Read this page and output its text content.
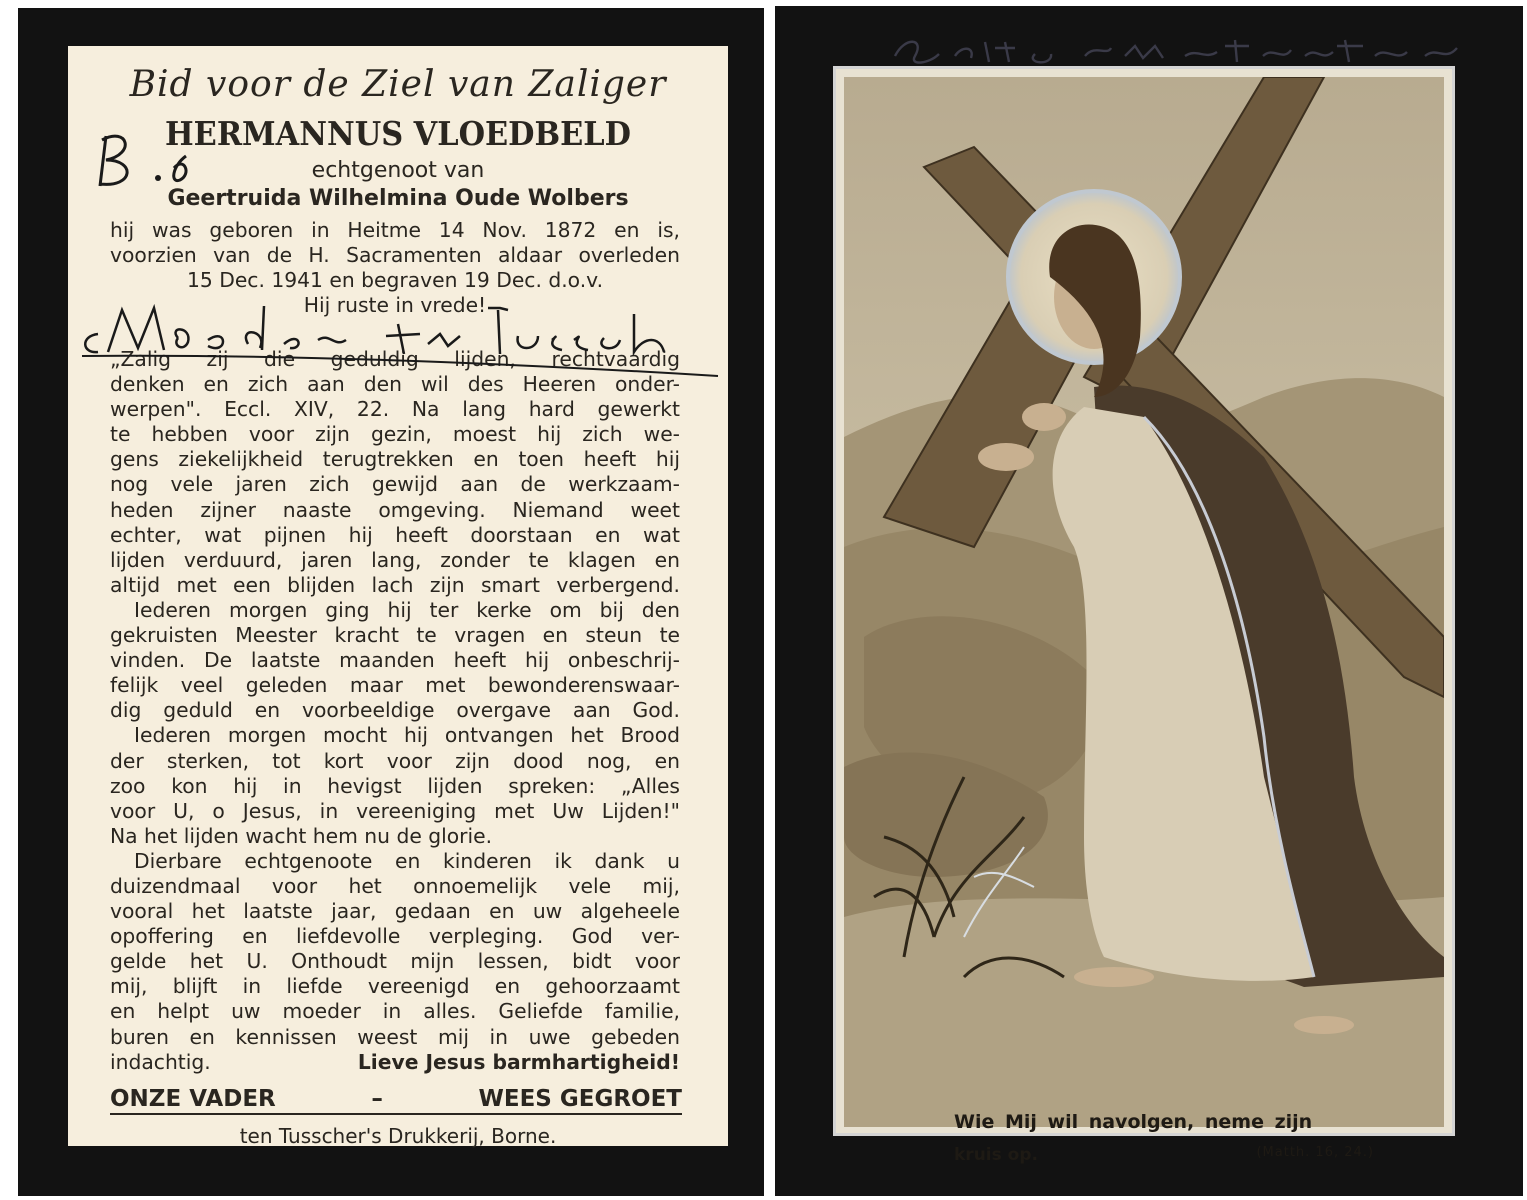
Bid voor de Ziel van Zaliger
HERMANNUS VLOEDBELD
echtgenoot van
Geertruida Wilhelmina Oude Wolbers
hij was geboren in Heitme 14 Nov. 1872 en is,
voorzien van de H. Sacramenten aldaar overleden
15 Dec. 1941 en begraven 19 Dec. d.o.v.
Hij ruste in vrede!
„Zalig zij die geduldig lijden, rechtvaardig
denken en zich aan den wil des Heeren onder-
werpen". Eccl. XIV, 22. Na lang hard gewerkt
te hebben voor zijn gezin, moest hij zich we-
gens ziekelijkheid terugtrekken en toen heeft hij
nog vele jaren zich gewijd aan de werkzaam-
heden zijner naaste omgeving. Niemand weet
echter, wat pijnen hij heeft doorstaan en wat
lijden verduurd, jaren lang, zonder te klagen en
altijd met een blijden lach zijn smart verbergend.
Iederen morgen ging hij ter kerke om bij den
gekruisten Meester kracht te vragen en steun te
vinden. De laatste maanden heeft hij onbeschrij-
felijk veel geleden maar met bewonderenswaar-
dig geduld en voorbeeldige overgave aan God.
Iederen morgen mocht hij ontvangen het Brood
der sterken, tot kort voor zijn dood nog, en
zoo kon hij in hevigst lijden spreken: „Alles
voor U, o Jesus, in vereeniging met Uw Lijden!"
Na het lijden wacht hem nu de glorie.
Dierbare echtgenoote en kinderen ik dank u
duizendmaal voor het onnoemelijk vele mij,
vooral het laatste jaar, gedaan en uw algeheele
opoffering en liefdevolle verpleging. God ver-
gelde het U. Onthoudt mijn lessen, bidt voor
mij, blijft in liefde vereenigd en gehoorzaamt
en helpt uw moeder in alles. Geliefde familie,
buren en kennissen weest mij in uwe gebeden
indachtig.	Lieve Jesus barmhartigheid!
ONZE VADER	–	WEES GEGROET
ten Tusscher's Drukkerij, Borne.
Wie Mij wil navolgen, neme zijn
kruis op.	(Matth. 16, 24.)
